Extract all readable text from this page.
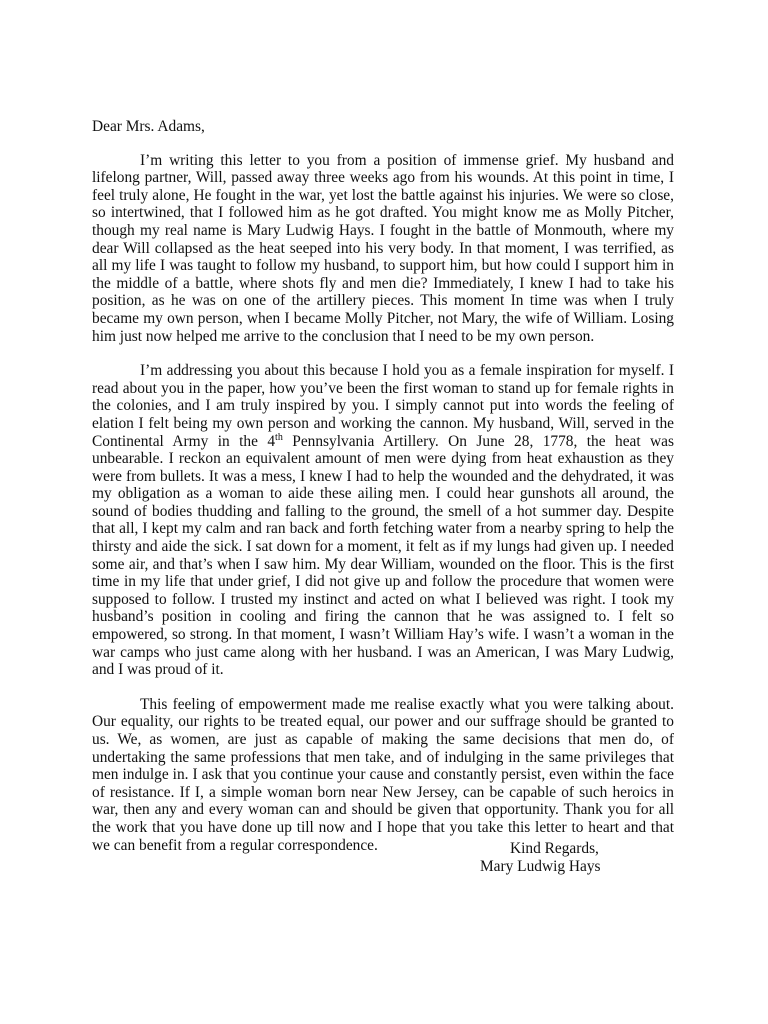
Dear Mrs. Adams,

I’m writing this letter to you from a position of immense grief. My husband and lifelong partner, Will, passed away three weeks ago from his wounds. At this point in time, I feel truly alone, He fought in the war, yet lost the battle against his injuries. We were so close, so intertwined, that I followed him as he got drafted. You might know me as Molly Pitcher, though my real name is Mary Ludwig Hays. I fought in the battle of Monmouth, where my dear Will collapsed as the heat seeped into his very body. In that moment, I was terrified, as all my life I was taught to follow my husband, to support him, but how could I support him in the middle of a battle, where shots fly and men die? Immediately, I knew I had to take his position, as he was on one of the artillery pieces. This moment In time was when I truly became my own person, when I became Molly Pitcher, not Mary, the wife of William. Losing him just now helped me arrive to the conclusion that I need to be my own person.

I’m addressing you about this because I hold you as a female inspiration for myself. I read about you in the paper, how you’ve been the first woman to stand up for female rights in the colonies, and I am truly inspired by you. I simply cannot put into words the feeling of elation I felt being my own person and working the cannon. My husband, Will, served in the Continental Army in the 4th Pennsylvania Artillery. On June 28, 1778, the heat was unbearable. I reckon an equivalent amount of men were dying from heat exhaustion as they were from bullets. It was a mess, I knew I had to help the wounded and the dehydrated, it was my obligation as a woman to aide these ailing men. I could hear gunshots all around, the sound of bodies thudding and falling to the ground, the smell of a hot summer day. Despite that all, I kept my calm and ran back and forth fetching water from a nearby spring to help the thirsty and aide the sick. I sat down for a moment, it felt as if my lungs had given up. I needed some air, and that’s when I saw him. My dear William, wounded on the floor. This is the first time in my life that under grief, I did not give up and follow the procedure that women were supposed to follow. I trusted my instinct and acted on what I believed was right. I took my husband’s position in cooling and firing the cannon that he was assigned to. I felt so empowered, so strong. In that moment, I wasn’t William Hay’s wife. I wasn’t a woman in the war camps who just came along with her husband. I was an American, I was Mary Ludwig, and I was proud of it.

This feeling of empowerment made me realise exactly what you were talking about. Our equality, our rights to be treated equal, our power and our suffrage should be granted to us. We, as women, are just as capable of making the same decisions that men do, of undertaking the same professions that men take, and of indulging in the same privileges that men indulge in. I ask that you continue your cause and constantly persist, even within the face of resistance. If I, a simple woman born near New Jersey, can be capable of such heroics in war, then any and every woman can and should be given that opportunity. Thank you for all the work that you have done up till now and I hope that you take this letter to heart and that we can benefit from a regular correspondence.	Kind Regards,
Mary Ludwig Hays
